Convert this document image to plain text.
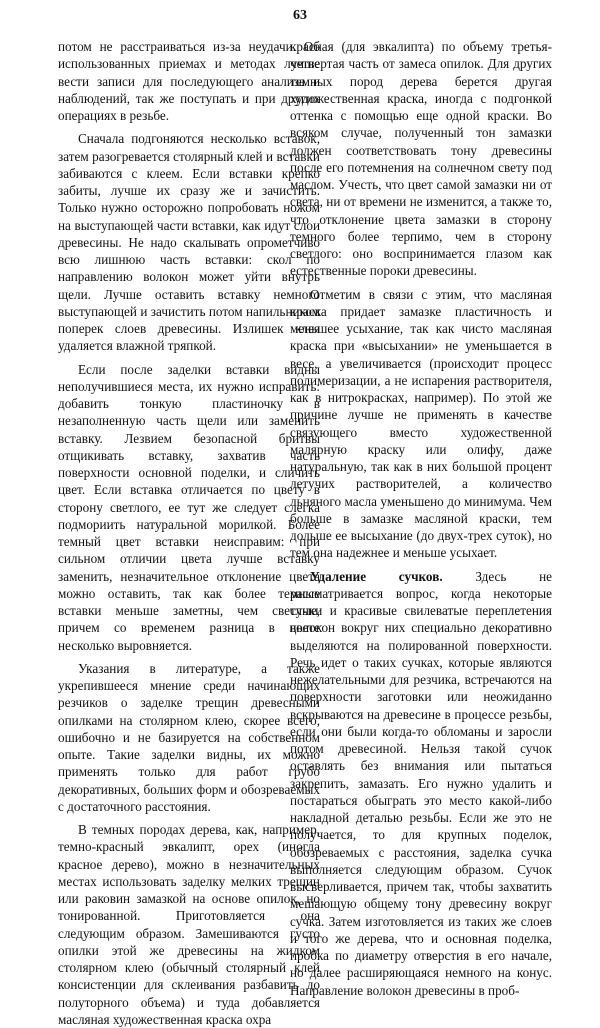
63

потом не расстраиваться из-за неудачи. Об использованных приемах и методах лучше вести записи для последующего анализа и наблюдений, так же поступать и при других операциях в резьбе.

Сначала подгоняются несколько вставок, затем разогревается столярный клей и вставки забиваются с клеем. Если вставки крепко забиты, лучше их сразу же и зачистить. Только нужно осторожно попробовать ножом на выступающей части вставки, как идут слои древесины. Не надо скалывать опрометчиво всю лишнюю часть вставки: скол по направлению волокон может уйти внутрь щели. Лучше оставить вставку немного выступающей и зачистить потом напильником поперек слоев древесины. Излишек клея удаляется влажной тряпкой.

Если после заделки вставки видны неполучившиеся места, их нужно исправить: добавить тонкую пластиночку в незаполненную часть щели или заменить вставку. Лезвием безопасной бритвы отщикивать вставку, захватив часть поверхности основной поделки, и сличить цвет. Если вставка отличается по цвету в сторону светлого, ее тут же следует слегка подмориить натуральной морилкой. Более темный цвет вставки неисправим: при сильном отличии цвета лучше вставку заменить, незначительное отклонение цвета можно оставить, так как более темные вставки меньше заметны, чем светлые, причем со временем разница в цвете несколько выровняется.

Указания в литературе, а также укрепившееся мнение среди начинающих резчиков о заделке трещин древесными опилками на столярном клею, скорее всего, ошибочно и не базируется на собственном опыте. Такие заделки видны, их можно применять только для работ грубо декоративных, больших форм и обозреваемых с достаточного расстояния.

В темных породах дерева, как, например, темно-красный эвкалипт, орех (иногда красное дерево), можно в незначительных местах использовать заделку мелких трещин или раковин замазкой на основе опилок, но тонированной. Приготовляется она следующим образом. Замешиваются густо опилки этой же древесины на жидком столярном клею (обычный столярный клей консистенции для склеивания разбавить до полуторного объема) и туда добавляется масляная художественная краска охра

красная (для эвкалипта) по объему третья-четвертая часть от замеса опилок. Для других темных пород дерева берется другая художественная краска, иногда с подгонкой оттенка с помощью еще одной краски. Во всяком случае, полученный тон замазки должен соответствовать тону древесины после его потемнения на солнечном свету под маслом. Учесть, что цвет самой замазки ни от света, ни от времени не изменится, а также то, что отклонение цвета замазки в сторону темного более терпимо, чем в сторону светлого: оно воспринимается глазом как естественные пороки древесины.

Отметим в связи с этим, что масляная краска придает замазке пластичность и меньшее усыхание, так как чисто масляная краска при «высыхании» не уменьшается в весе, а увеличивается (происходит процесс полимеризации, а не испарения растворителя, как в нитрокрасках, например). По этой же причине лучше не применять в качестве связующего вместо художественной малярную краску или олифу, даже натуральную, так как в них большой процент летучих растворителей, а количество льняного масла уменьшено до минимума. Чем больше в замазке масляной краски, тем дольше ее высыхание (до двух-трех суток), но тем она надежнее и меньше усыхает.

Удаление сучков. Здесь не рассматривается вопрос, когда некоторые сучки и красивые свилеватые переплетения волокон вокруг них специально декоративно выделяются на полированной поверхности. Речь идет о таких сучках, которые являются нежелательными для резчика, встречаются на поверхности заготовки или неожиданно вскрываются на древесине в процессе резьбы, если они были когда-то обломаны и заросли потом древесиной. Нельзя такой сучок оставлять без внимания или пытаться закрепить, замазать. Его нужно удалить и постараться обыграть это место какой-либо накладной деталью резьбы. Если же это не получается, то для крупных поделок, обозреваемых с расстояния, заделка сучка выполняется следующим образом. Сучок высверливается, причем так, чтобы захватить мешающую общему тону древесину вокруг сучка. Затем изготовляется из таких же слоев и того же дерева, что и основная поделка, пробка по диаметру отверстия в его начале, но далее расширяющаяся немного на конус. Направление волокон древесины в проб-
